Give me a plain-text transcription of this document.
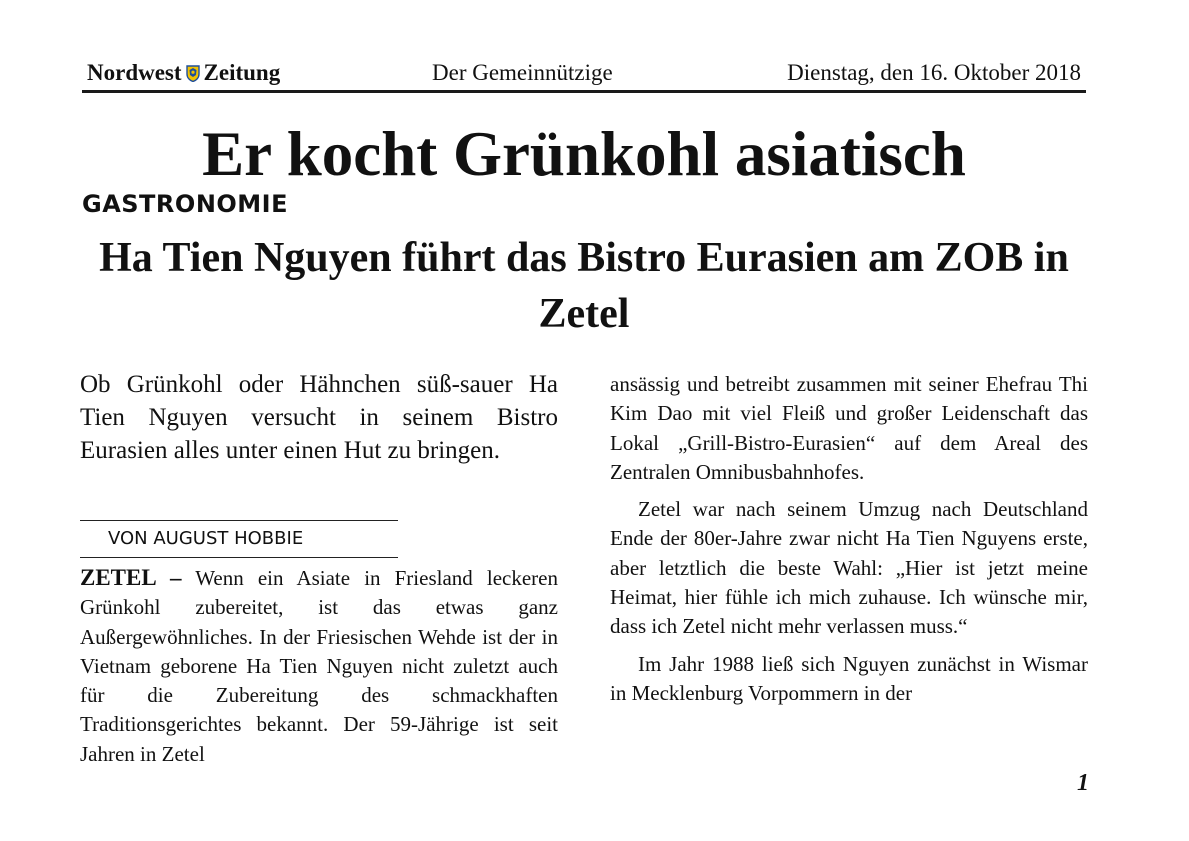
Nordwest Zeitung	Der Gemeinnützige	Dienstag, den 16. Oktober 2018
Er kocht Grünkohl asiatisch
GASTRONOMIE
Ha Tien Nguyen führt das Bistro Eurasien am ZOB in Zetel

Ob Grünkohl oder Hähnchen süß-sauer Ha Tien Nguyen versucht in seinem Bistro Eurasien alles unter einen Hut zu bringen.

VON AUGUST HOBBIE

ZETEL – Wenn ein Asiate in Friesland leckeren Grünkohl zubereitet, ist das etwas ganz Außergewöhnliches. In der Friesischen Wehde ist der in Vietnam geborene Ha Tien Nguyen nicht zuletzt auch für die Zubereitung des schmackhaften Traditionsgerichtes bekannt. Der 59-Jährige ist seit Jahren in Zetel

ansässig und betreibt zusammen mit seiner Ehefrau Thi Kim Dao mit viel Fleiß und großer Leidenschaft das Lokal „Grill-Bistro-Eurasien“ auf dem Areal des Zentralen Omnibusbahnhofes.

Zetel war nach seinem Umzug nach Deutschland Ende der 80er-Jahre zwar nicht Ha Tien Nguyens erste, aber letztlich die beste Wahl: „Hier ist jetzt meine Heimat, hier fühle ich mich zuhause. Ich wünsche mir, dass ich Zetel nicht mehr verlassen muss.“

Im Jahr 1988 ließ sich Nguyen zunächst in Wismar in Mecklenburg Vorpommern in der

1
